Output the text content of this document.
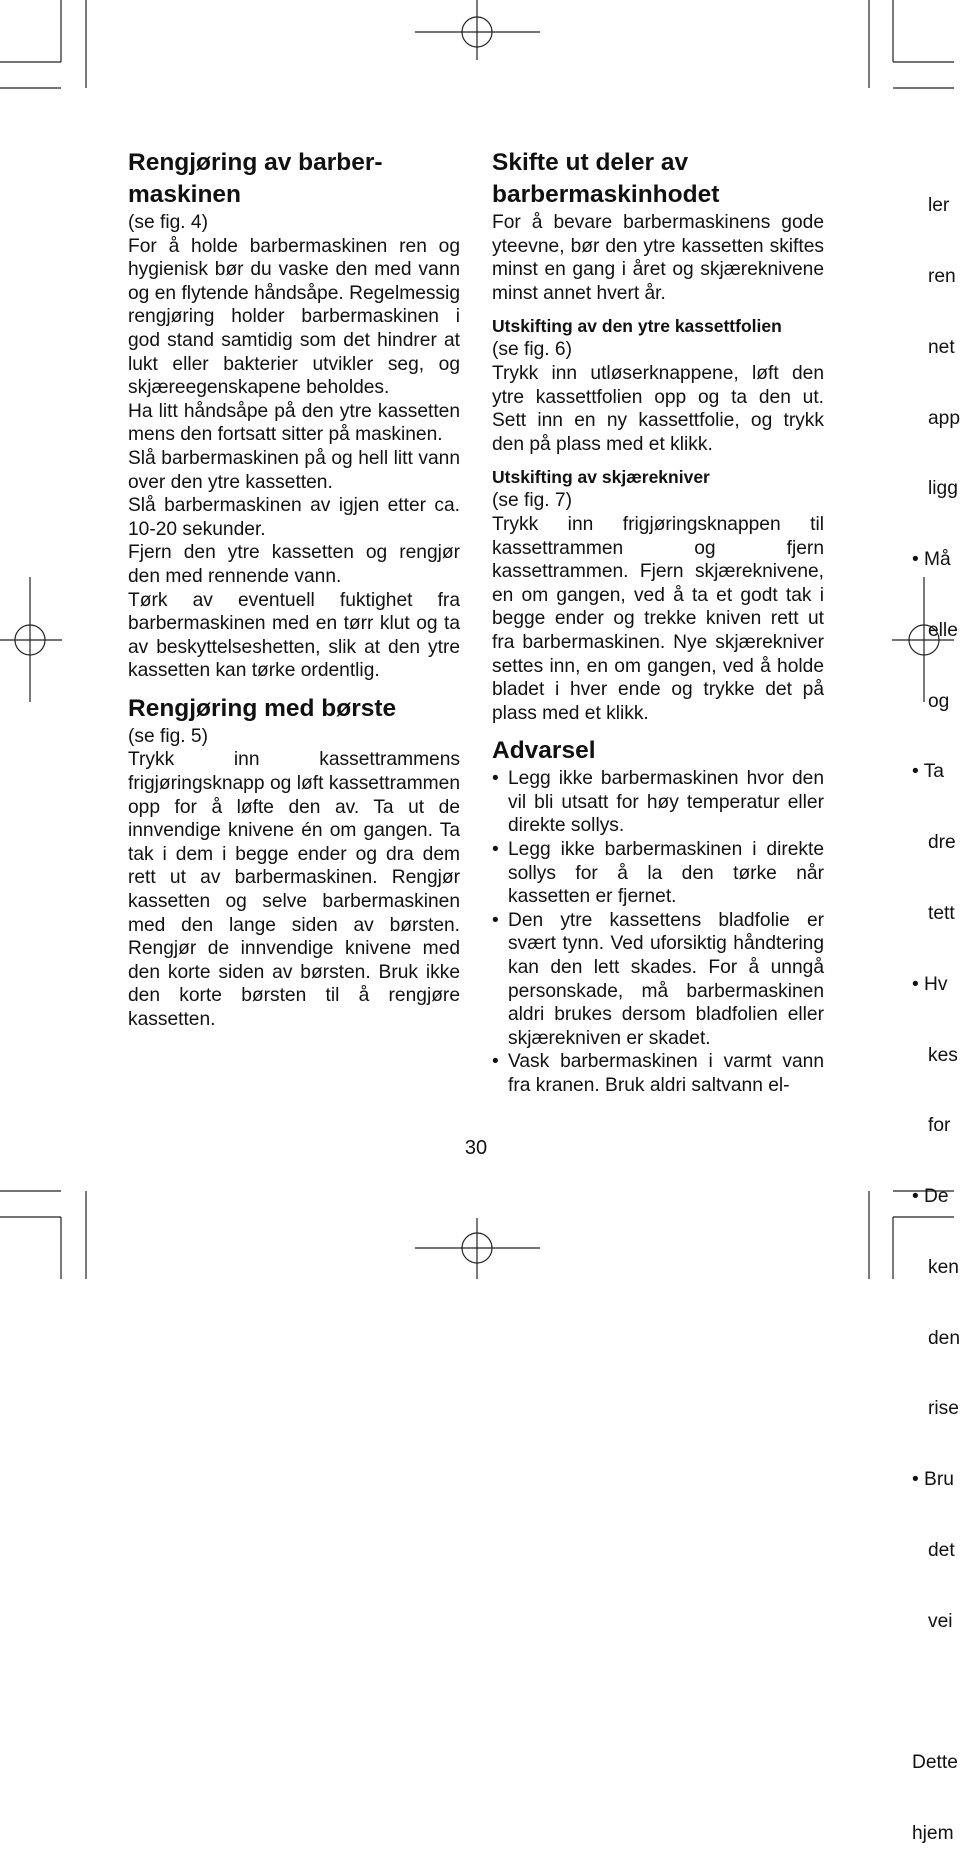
Rengjøring av barber-maskinen

(se fig. 4)

For å holde barbermaskinen ren og hygienisk bør du vaske den med vann og en flytende håndsåpe. Regelmessig rengjøring holder barbermaskinen i god stand samtidig som det hindrer at lukt eller bakterier utvikler seg, og skjæreegenskapene beholdes.

Ha litt håndsåpe på den ytre kassetten mens den fortsatt sitter på maskinen.

Slå barbermaskinen på og hell litt vann over den ytre kassetten.

Slå barbermaskinen av igjen etter ca. 10-20 sekunder.

Fjern den ytre kassetten og rengjør den med rennende vann.

Tørk av eventuell fuktighet fra barbermaskinen med en tørr klut og ta av beskyttelseshetten, slik at den ytre kassetten kan tørke ordentlig.

Rengjøring med børste

(se fig. 5)

Trykk inn kassettrammens frigjøringsknapp og løft kassettrammen opp for å løfte den av. Ta ut de innvendige knivene én om gangen. Ta tak i dem i begge ender og dra dem rett ut av barbermaskinen. Rengjør kassetten og selve barbermaskinen med den lange siden av børsten. Rengjør de innvendige knivene med den korte siden av børsten. Bruk ikke den korte børsten til å rengjøre kassetten.

Skifte ut deler av barbermaskinhodet

For å bevare barbermaskinens gode yteevne, bør den ytre kassetten skiftes minst en gang i året og skjæreknivene minst annet hvert år.

Utskifting av den ytre kassettfolien

(se fig. 6)

Trykk inn utløserknappene, løft den ytre kassettfolien opp og ta den ut. Sett inn en ny kassettfolie, og trykk den på plass med et klikk.

Utskifting av skjærekniver

(se fig. 7)

Trykk inn frigjøringsknappen til kassettrammen og fjern kassettrammen. Fjern skjæreknivene, en om gangen, ved å ta et godt tak i begge ender og trekke kniven rett ut fra barbermaskinen. Nye skjærekniver settes inn, en om gangen, ved å holde bladet i hver ende og trykke det på plass med et klikk.

Advarsel
• Legg ikke barbermaskinen hvor den vil bli utsatt for høy temperatur eller direkte sollys.
• Legg ikke barbermaskinen i direkte sollys for å la den tørke når kassetten er fjernet.
• Den ytre kassettens bladfolie er svært tynn. Ved uforsiktig håndtering kan den lett skades. For å unngå personskade, må barbermaskinen aldri brukes dersom bladfolien eller skjærekniven er skadet.
• Vask barbermaskinen i varmt vann fra kranen. Bruk aldri saltvann el-

ler

ren

net

app

ligg

• Må

elle

og

• Ta

dre

tett

• Hv

kes

for

• De

ken

den

rise

• Bru

det

vei

Dette

hjem

30
